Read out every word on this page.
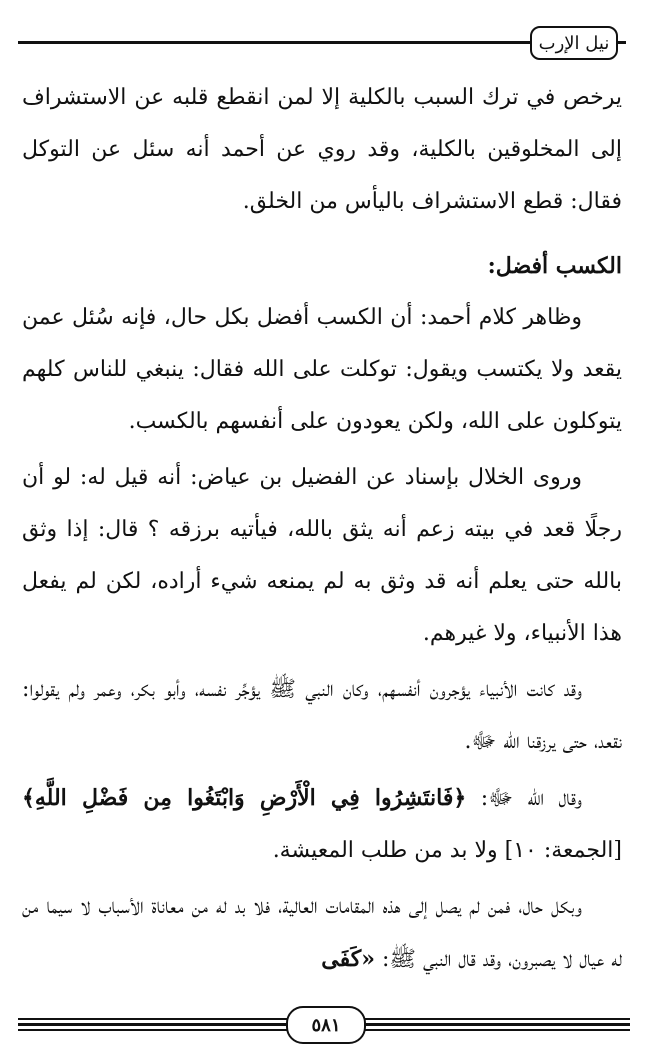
نيل الإرب

يرخص في ترك السبب بالكلية إلا لمن انقطع قلبه عن الاستشراف إلى المخلوقين بالكلية، وقد روي عن أحمد أنه سئل عن التوكل فقال: قطع الاستشراف باليأس من الخلق.

الكسب أفضل:

وظاهر كلام أحمد: أن الكسب أفضل بكل حال، فإنه سُئل عمن يقعد ولا يكتسب ويقول: توكلت على الله فقال: ينبغي للناس كلهم يتوكلون على الله، ولكن يعودون على أنفسهم بالكسب.

وروى الخلال بإسناد عن الفضيل بن عياض: أنه قيل له: لو أن رجلًا قعد في بيته زعم أنه يثق بالله، فيأتيه برزقه ؟ قال: إذا وثق بالله حتى يعلم أنه قد وثق به لم يمنعه شيء أراده، لكن لم يفعل هذا الأنبياء، ولا غيرهم.

وقد كانت الأنبياء يؤجرون أنفسهم، وكان النبي ﷺ يؤجِّر نفسه، وأبو بكر، وعمر ولم يقولوا: نقعد، حتى يرزقنا الله ﷻ.

وقال الله ﷻ: ﴿فَانتَشِرُوا فِي الْأَرْضِ وَابْتَغُوا مِن فَضْلِ اللَّهِ﴾ [الجمعة: ١٠] ولا بد من طلب المعيشة.

وبكل حال، فمن لم يصل إلى هذه المقامات العالية، فلا بد له من معاناة الأسباب لا سيما من له عيال لا يصبرون، وقد قال النبي ﷺ: «كَفَى

٥٨١
